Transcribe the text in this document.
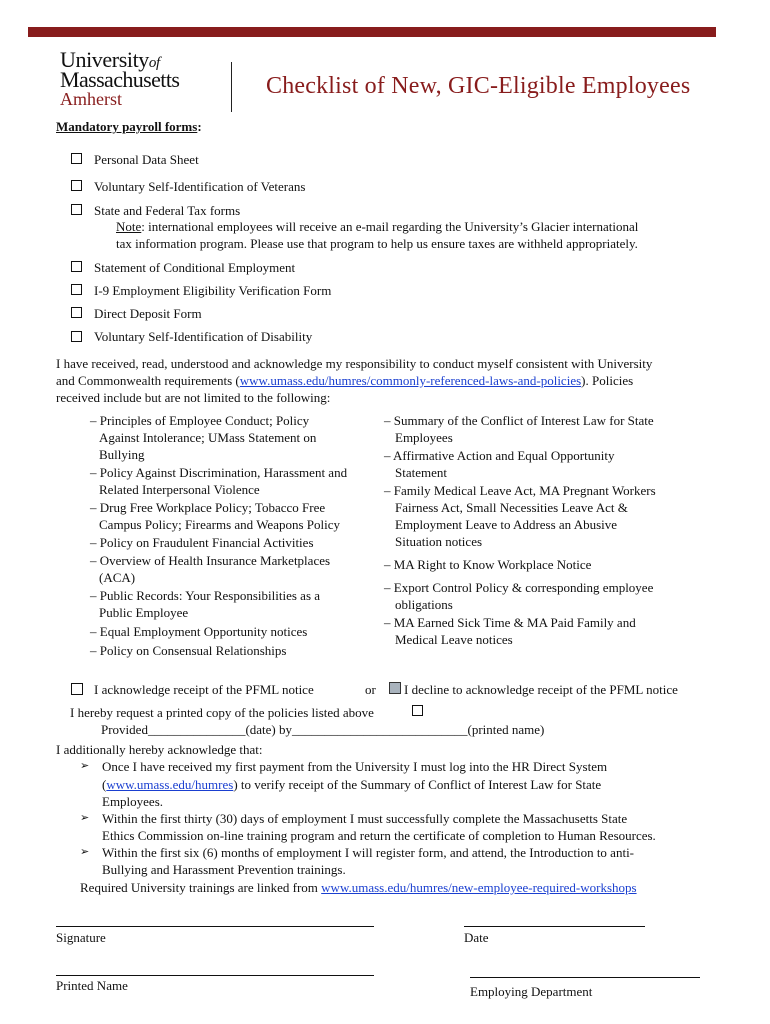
Universityof
Massachusetts
Amherst	Checklist of New, GIC-Eligible Employees
Mandatory payroll forms:
Personal Data Sheet
Voluntary Self-Identification of Veterans
State and Federal Tax forms
Note: international employees will receive an e-mail regarding the University’s Glacier international
tax information program. Please use that program to help us ensure taxes are withheld appropriately.
Statement of Conditional Employment
I-9 Employment Eligibility Verification Form
Direct Deposit Form
Voluntary Self-Identification of Disability
I have received, read, understood and acknowledge my responsibility to conduct myself consistent with University
and Commonwealth requirements (www.umass.edu/humres/commonly-referenced-laws-and-policies). Policies
received include but are not limited to the following:
– Principles of Employee Conduct; Policy
Against Intolerance; UMass Statement on
Bullying
– Policy Against Discrimination, Harassment and
Related Interpersonal Violence
– Drug Free Workplace Policy; Tobacco Free
Campus Policy; Firearms and Weapons Policy
– Policy on Fraudulent Financial Activities
– Overview of Health Insurance Marketplaces
(ACA)
– Public Records: Your Responsibilities as a
Public Employee
– Equal Employment Opportunity notices
– Policy on Consensual Relationships
– Summary of the Conflict of Interest Law for State
Employees
– Affirmative Action and Equal Opportunity
Statement
– Family Medical Leave Act, MA Pregnant Workers
Fairness Act, Small Necessities Leave Act &
Employment Leave to Address an Abusive
Situation notices
– MA Right to Know Workplace Notice
– Export Control Policy & corresponding employee
obligations
– MA Earned Sick Time & MA Paid Family and
Medical Leave notices
I acknowledge receipt of the PFML notice	or I decline to acknowledge receipt of the PFML notice
I hereby request a printed copy of the policies listed above
Provided_______________(date) by___________________________(printed name)
I additionally hereby acknowledge that:
➢ Once I have received my first payment from the University I must log into the HR Direct System
(www.umass.edu/humres) to verify receipt of the Summary of Conflict of Interest Law for State
Employees.
➢ Within the first thirty (30) days of employment I must successfully complete the Massachusetts State
Ethics Commission on-line training program and return the certificate of completion to Human Resources.
➢ Within the first six (6) months of employment I will register form, and attend, the Introduction to anti-
Bullying and Harassment Prevention trainings.
Required University trainings are linked from www.umass.edu/humres/new-employee-required-workshops
Signature	Date
Printed Name	Employing Department
